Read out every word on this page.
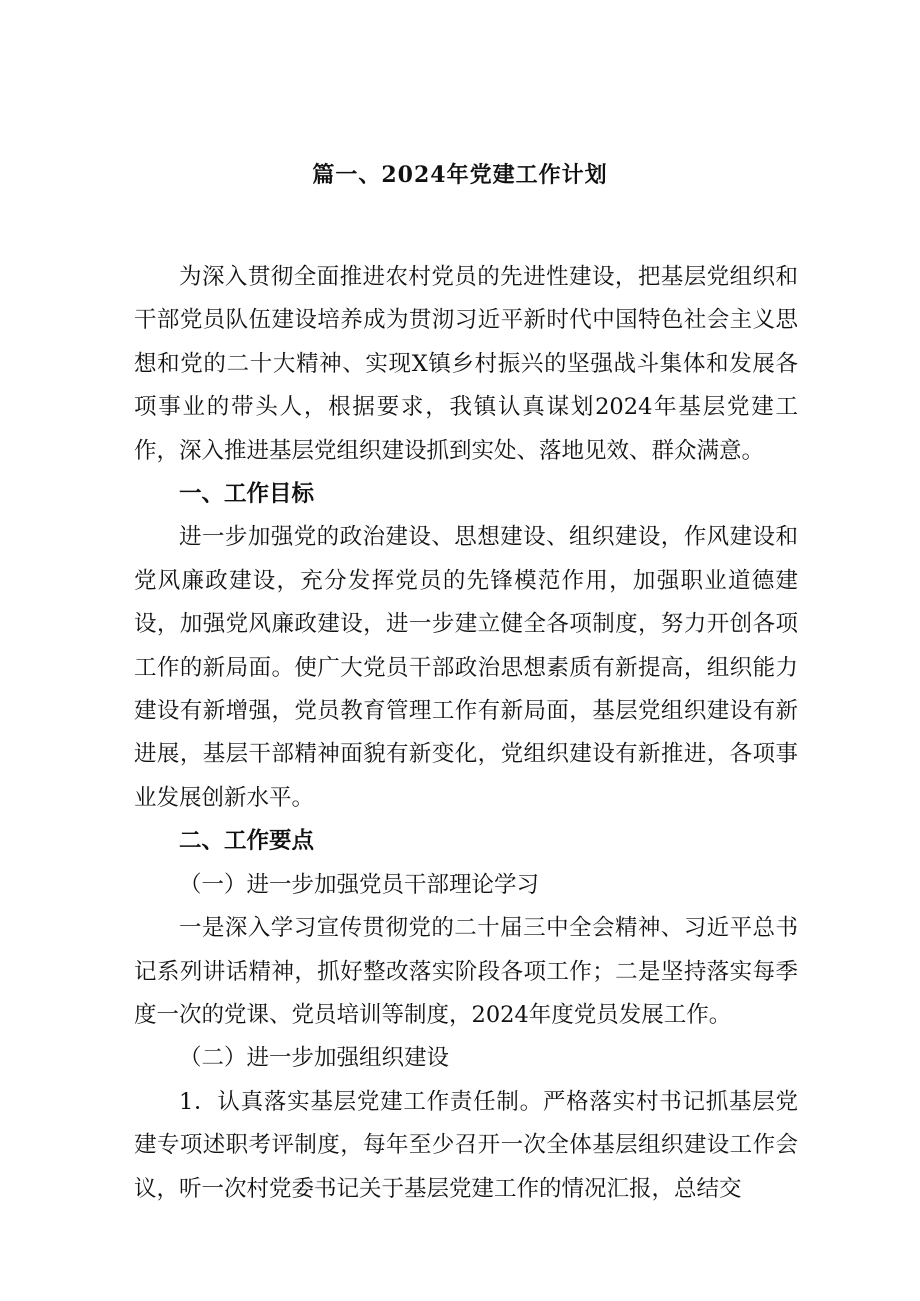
篇一、2024年党建工作计划

为深入贯彻全面推进农村党员的先进性建设，把基层党组织和干部党员队伍建设培养成为贯沏习近平新时代中国特色社会主义思想和党的二十大精神、实现X镇乡村振兴的坚强战斗集体和发展各项事业的带头人，根据要求，我镇认真谋划2024年基层党建工作，深入推进基层党组织建设抓到实处、落地见效、群众满意。

一、工作目标

进一步加强党的政治建设、思想建设、组织建设，作风建设和党风廉政建设，充分发挥党员的先锋模范作用，加强职业道德建设，加强党风廉政建设，进一步建立健全各项制度，努力开创各项工作的新局面。使广大党员干部政治思想素质有新提高，组织能力建设有新增强，党员教育管理工作有新局面，基层党组织建设有新进展，基层干部精神面貌有新变化，党组织建设有新推进，各项事业发展创新水平。

二、工作要点

（一）进一步加强党员干部理论学习

一是深入学习宣传贯彻党的二十届三中全会精神、习近平总书记系列讲话精神，抓好整改落实阶段各项工作；二是坚持落实每季度一次的党课、党员培训等制度，2024年度党员发展工作。

（二）进一步加强组织建设

1．认真落实基层党建工作责任制。严格落实村书记抓基层党建专项述职考评制度，每年至少召开一次全体基层组织建设工作会议，听一次村党委书记关于基层党建工作的情况汇报，总结交
